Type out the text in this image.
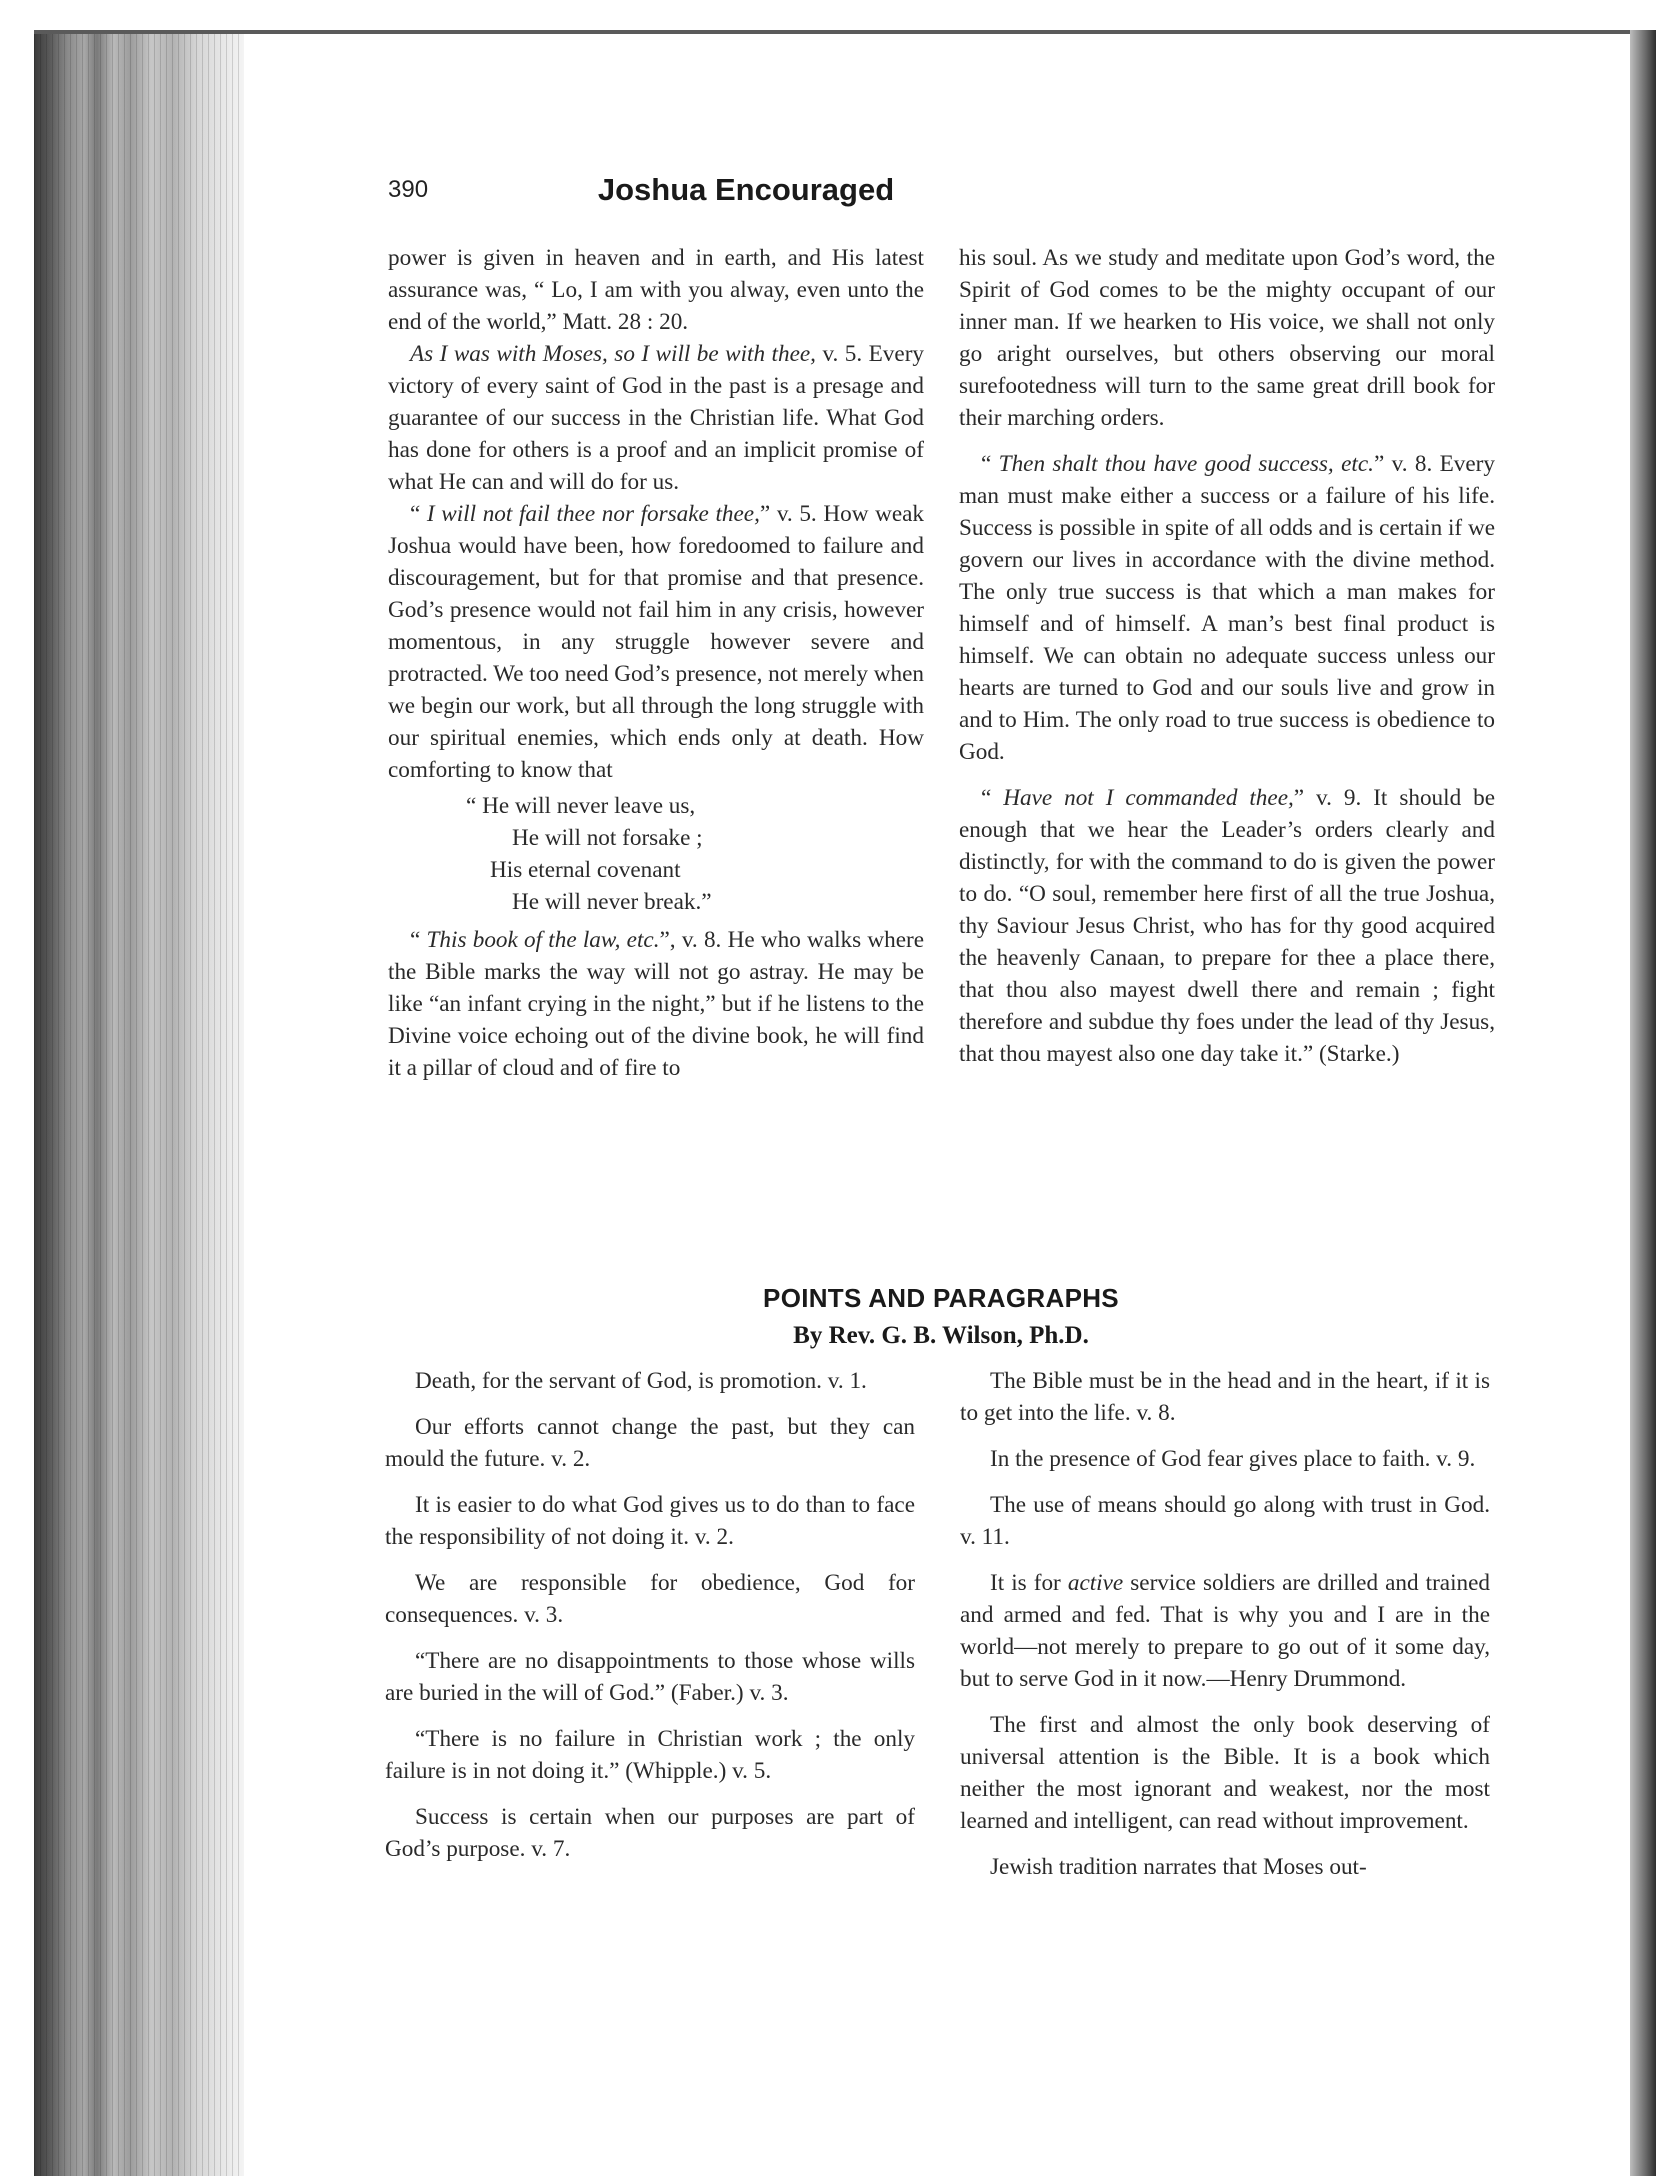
390	Joshua Encouraged

power is given in heaven and in earth, and His latest assurance was, “ Lo, I am with you alway, even unto the end of the world,” Matt. 28 : 20.

As I was with Moses, so I will be with thee, v. 5. Every victory of every saint of God in the past is a presage and guarantee of our success in the Christian life. What God has done for others is a proof and an implicit promise of what He can and will do for us.

“ I will not fail thee nor forsake thee,” v. 5. How weak Joshua would have been, how foredoomed to failure and discouragement, but for that promise and that presence. God’s presence would not fail him in any crisis, however momentous, in any struggle however severe and protracted. We too need God’s presence, not merely when we begin our work, but all through the long struggle with our spiritual enemies, which ends only at death. How comforting to know that

“ He will never leave us,
He will not forsake ;
His eternal covenant
He will never break.”

“ This book of the law, etc.”, v. 8. He who walks where the Bible marks the way will not go astray. He may be like “an infant crying in the night,” but if he listens to the Divine voice echoing out of the divine book, he will find it a pillar of cloud and of fire to

his soul. As we study and meditate upon God’s word, the Spirit of God comes to be the mighty occupant of our inner man. If we hearken to His voice, we shall not only go aright ourselves, but others observing our moral surefootedness will turn to the same great drill book for their marching orders.

“ Then shalt thou have good success, etc.” v. 8. Every man must make either a success or a failure of his life. Success is possible in spite of all odds and is certain if we govern our lives in accordance with the divine method. The only true success is that which a man makes for himself and of himself. A man’s best final product is himself. We can obtain no adequate success unless our hearts are turned to God and our souls live and grow in and to Him. The only road to true success is obedience to God.

“ Have not I commanded thee,” v. 9. It should be enough that we hear the Leader’s orders clearly and distinctly, for with the command to do is given the power to do. “O soul, remember here first of all the true Joshua, thy Saviour Jesus Christ, who has for thy good acquired the heavenly Canaan, to prepare for thee a place there, that thou also mayest dwell there and remain ; fight therefore and subdue thy foes under the lead of thy Jesus, that thou mayest also one day take it.” (Starke.)

POINTS AND PARAGRAPHS
By Rev. G. B. Wilson, Ph.D.

Death, for the servant of God, is promotion. v. 1.

Our efforts cannot change the past, but they can mould the future. v. 2.

It is easier to do what God gives us to do than to face the responsibility of not doing it. v. 2.

We are responsible for obedience, God for consequences. v. 3.

“There are no disappointments to those whose wills are buried in the will of God.” (Faber.) v. 3.

“There is no failure in Christian work ; the only failure is in not doing it.” (Whipple.) v. 5.

Success is certain when our purposes are part of God’s purpose. v. 7.

The Bible must be in the head and in the heart, if it is to get into the life. v. 8.

In the presence of God fear gives place to faith. v. 9.

The use of means should go along with trust in God. v. 11.

It is for active service soldiers are drilled and trained and armed and fed. That is why you and I are in the world—not merely to prepare to go out of it some day, but to serve God in it now.—Henry Drummond.

The first and almost the only book deserving of universal attention is the Bible. It is a book which neither the most ignorant and weakest, nor the most learned and intelligent, can read without improvement.

Jewish tradition narrates that Moses out-
